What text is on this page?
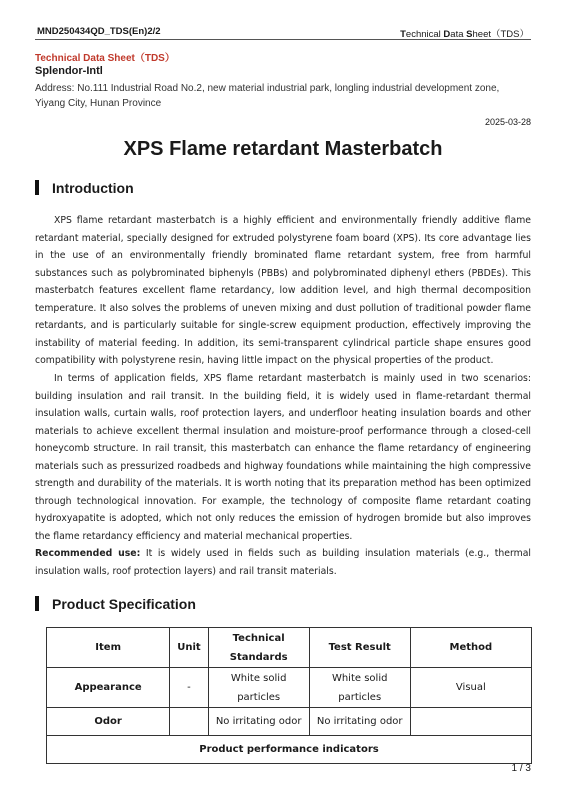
MND250434QD_TDS(En)2/2	Technical Data Sheet（TDS）
Technical Data Sheet（TDS）
Splendor-Intl
Address: No.111 Industrial Road No.2, new material industrial park, longling industrial development zone, Yiyang City, Hunan Province
2025-03-28
XPS Flame retardant Masterbatch
Introduction

XPS flame retardant masterbatch is a highly efficient and environmentally friendly additive flame retardant material, specially designed for extruded polystyrene foam board (XPS). Its core advantage lies in the use of an environmentally friendly brominated flame retardant system, free from harmful substances such as polybrominated biphenyls (PBBs) and polybrominated diphenyl ethers (PBDEs). This masterbatch features excellent flame retardancy, low addition level, and high thermal decomposition temperature. It also solves the problems of uneven mixing and dust pollution of traditional powder flame retardants, and is particularly suitable for single-screw equipment production, effectively improving the instability of material feeding. In addition, its semi-transparent cylindrical particle shape ensures good compatibility with polystyrene resin, having little impact on the physical properties of the product.

In terms of application fields, XPS flame retardant masterbatch is mainly used in two scenarios: building insulation and rail transit. In the building field, it is widely used in flame-retardant thermal insulation walls, curtain walls, roof protection layers, and underfloor heating insulation boards and other materials to achieve excellent thermal insulation and moisture-proof performance through a closed-cell honeycomb structure. In rail transit, this masterbatch can enhance the flame retardancy of engineering materials such as pressurized roadbeds and highway foundations while maintaining the high compressive strength and durability of the materials. It is worth noting that its preparation method has been optimized through technological innovation. For example, the technology of composite flame retardant coating hydroxyapatite is adopted, which not only reduces the emission of hydrogen bromide but also improves the flame retardancy efficiency and material mechanical properties.

Recommended use: It is widely used in fields such as building insulation materials (e.g., thermal insulation walls, roof protection layers) and rail transit materials.

Product Specification
Item	Unit	Technical Standards	Test Result	Method
Appearance	-	White solid particles	White solid particles	Visual
Odor		No irritating odor	No irritating odor	
Product performance indicators				
1 / 3
